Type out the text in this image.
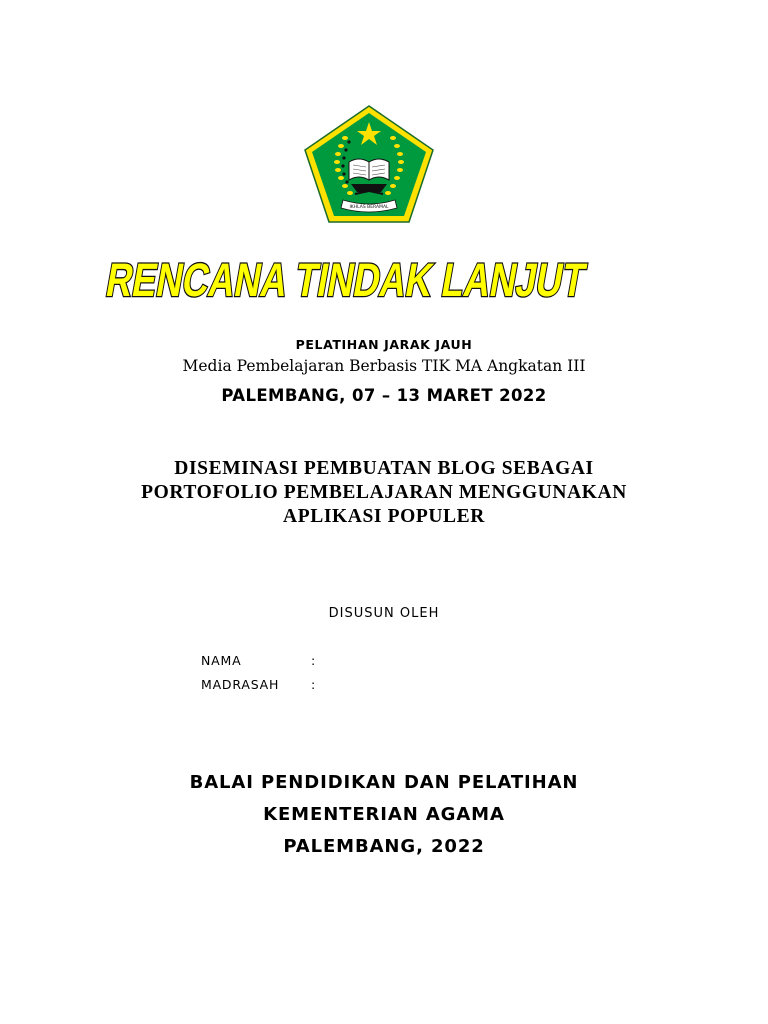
IKHLAS BERAMAL
RENCANA TINDAK LANJUT
PELATIHAN JARAK JAUH
Media Pembelajaran Berbasis TIK MA Angkatan III
PALEMBANG, 07 – 13 MARET 2022
DISEMINASI PEMBUATAN BLOG SEBAGAI
PORTOFOLIO PEMBELAJARAN MENGGUNAKAN
APLIKASI POPULER
DISUSUN OLEH
NAMA	:
MADRASAH	:
BALAI PENDIDIKAN DAN PELATIHAN
KEMENTERIAN AGAMA
PALEMBANG, 2022
